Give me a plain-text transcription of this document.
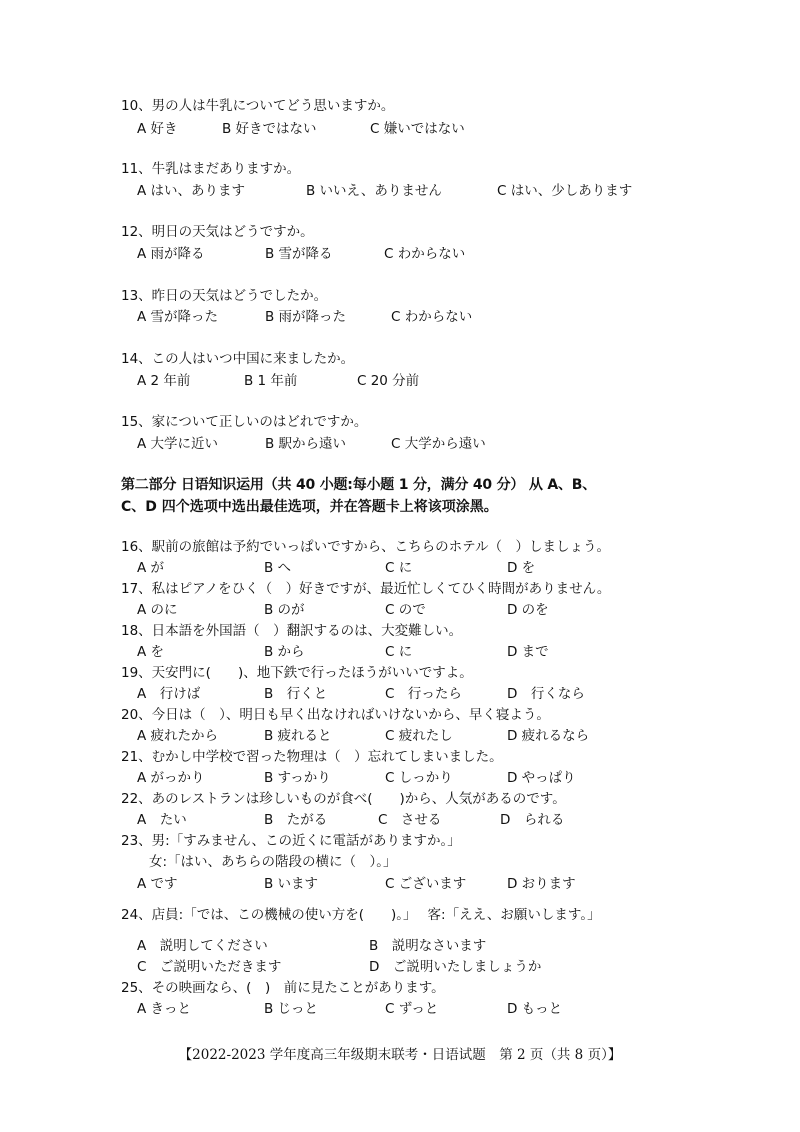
10、男の人は牛乳についてどう思いますか。
A 好き	B 好きではない	C 嫌いではない
11、牛乳はまだありますか。
A はい、あります	B いいえ、ありません	C はい、少しあります
12、明日の天気はどうですか。
A 雨が降る	B 雪が降る	C わからない
13、昨日の天気はどうでしたか。
A 雪が降った	B 雨が降った	C わからない
14、この人はいつ中国に来ましたか。
A 2 年前	B 1 年前	C 20 分前
15、家について正しいのはどれですか。
A 大学に近い	B 駅から遠い	C 大学から遠い
第二部分 日语知识运用（共 40 小题:每小题 1 分，满分 40 分） 从 A、B、
C、D 四个选项中选出最佳选项，并在答题卡上将该项涂黑。
16、駅前の旅館は予約でいっぱいですから、こちらのホテル（　）しましょう。
A が	B へ	C に	D を
17、私はピアノをひく（　）好きですが、最近忙しくてひく時間がありません。
A のに	B のが	C ので	D のを
18、日本語を外国語（　）翻訳するのは、大変難しい。
A を	B から	C に	D まで
19、天安門に(　　)、地下鉄で行ったほうがいいですよ。
A　行けば	B　行くと	C　行ったら	D　行くなら
20、今日は（　）、明日も早く出なければいけないから、早く寝よう。
A 疲れたから	B 疲れると	C 疲れたし	D 疲れるなら
21、むかし中学校で習った物理は（　）忘れてしまいました。
A がっかり	B すっかり	C しっかり	D やっぱり
22、あのレストランは珍しいものが食べ(　　)から、人気があるのです。
A　たい	B　たがる	C　させる	D　られる
23、男:「すみません、この近くに電話がありますか。」
女:「はい、あちらの階段の横に（　）。」
A です	B います	C ございます	D おります
24、店員:「では、この機械の使い方を(　　)。」　 客:「ええ、お願いします。」
A　説明してください	B　説明なさいます
C　ご説明いただきます	D　ご説明いたしましょうか
25、その映画なら、(　)　前に見たことがあります。
A きっと	B じっと	C ずっと	D もっと
【2022-2023 学年度高三年级期末联考・日语试题　第 2 页（共 8 页）】
